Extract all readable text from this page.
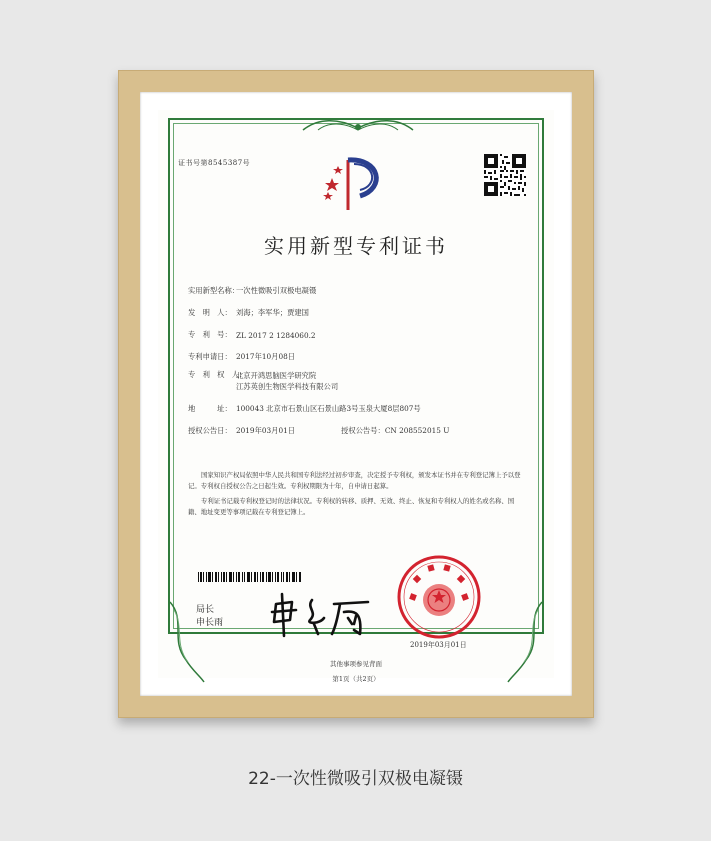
证书号第8545387号
实用新型专利证书
实用新型名称：
一次性微吸引双极电凝镊
发　明　人： 刘海；李军华；贾建国
专　利　号： ZL 2017 2 1284060.2
专利申请日： 2017年10月08日
专　利　权　人：
北京开鸿思脑医学研究院
江苏英创生物医学科技有限公司
地　　　址： 100043 北京市石景山区石景山路3号玉泉大厦8层807号
授权公告日： 2019年03月01日	授权公告号：CN 208552015 U

国家知识产权局依照中华人民共和国专利法经过初步审查，决定授予专利权，颁发本证书并在专利登记簿上予以登记。专利权自授权公告之日起生效。专利权期限为十年，自申请日起算。

专利证书记载专利权登记时的法律状况。专利权的转移、质押、无效、终止、恢复和专利权人的姓名或名称、国籍、地址变更等事项记载在专利登记簿上。

局长
申长雨
2019年03月01日
第1页（共2页）
其他事项参见背面
22-一次性微吸引双极电凝镊
